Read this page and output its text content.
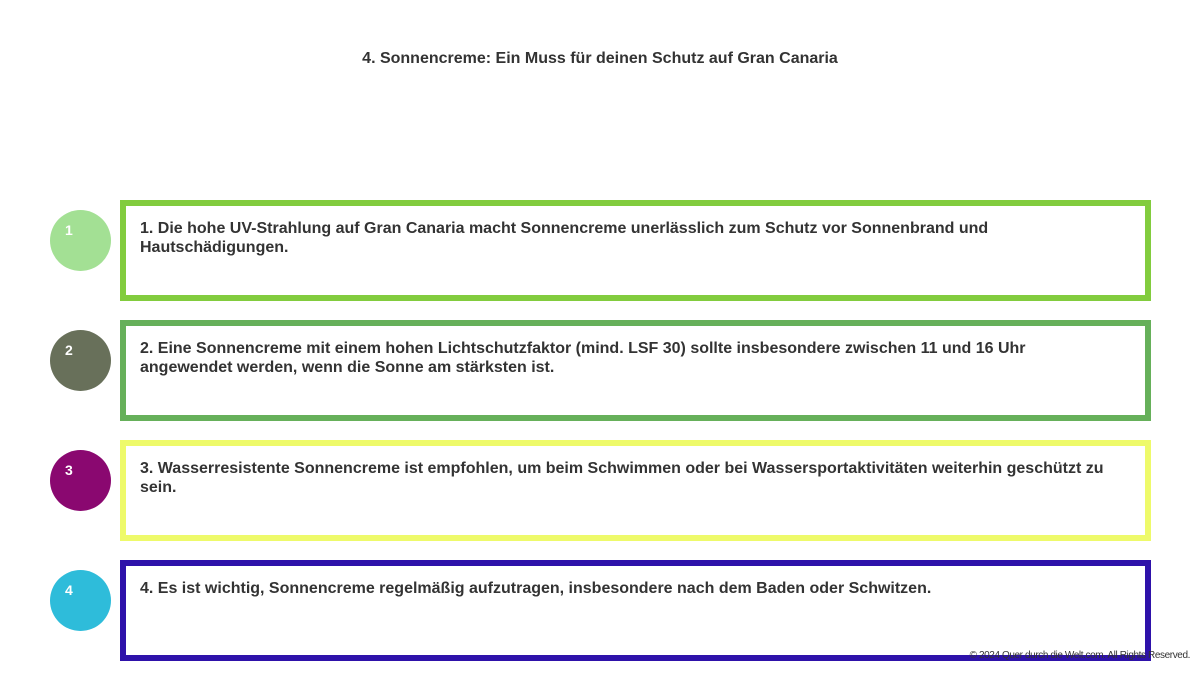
4. Sonnencreme: Ein Muss für deinen Schutz auf Gran Canaria
1	1. Die hohe UV-Strahlung auf Gran Canaria macht Sonnencreme unerlässlich zum Schutz vor Sonnenbrand und Hautschädigungen.
2	2. Eine Sonnencreme mit einem hohen Lichtschutzfaktor (mind. LSF 30) sollte insbesondere zwischen 11 und 16 Uhr angewendet werden, wenn die Sonne am stärksten ist.
3	3. Wasserresistente Sonnencreme ist empfohlen, um beim Schwimmen oder bei Wassersportaktivitäten weiterhin geschützt zu sein.
4	4. Es ist wichtig, Sonnencreme regelmäßig aufzutragen, insbesondere nach dem Baden oder Schwitzen.
© 2024 Quer durch die Welt.com. All Rights Reserved.
